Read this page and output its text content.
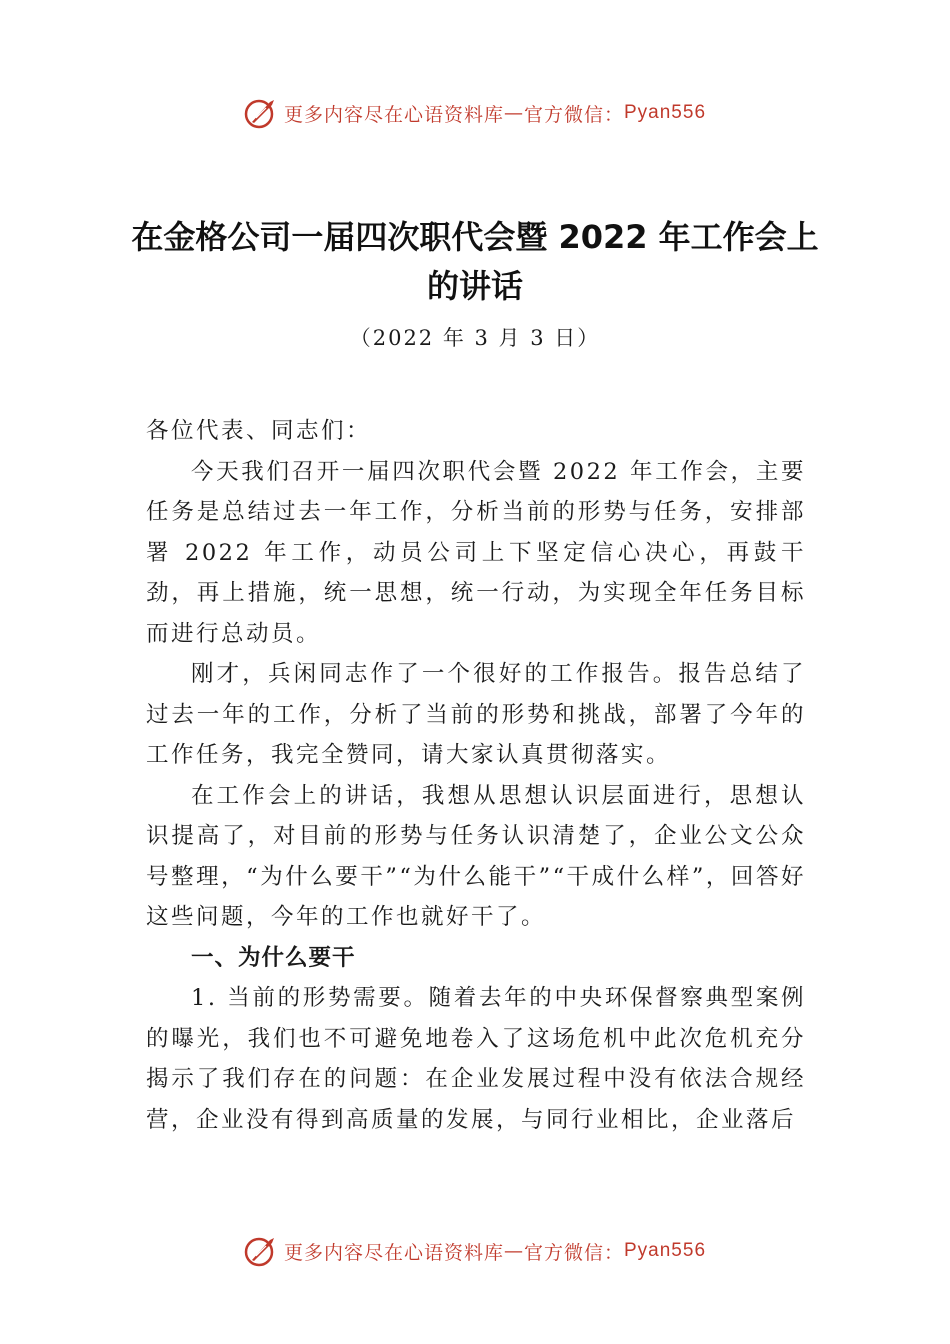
更多内容尽在心语资料库 — 官方微信： Pyan556
在金格公司一届四次职代会暨 2022 年工作会上的讲话
（2022 年 3 月 3 日）

各位代表、同志们：

今天我们召开一届四次职代会暨 2022 年工作会，主要任务是总结过去一年工作，分析当前的形势与任务，安排部署 2022 年工作，动员公司上下坚定信心决心，再鼓干劲，再上措施，统一思想，统一行动，为实现全年任务目标而进行总动员。

刚才，兵闲同志作了一个很好的工作报告。报告总结了过去一年的工作，分析了当前的形势和挑战，部署了今年的工作任务，我完全赞同，请大家认真贯彻落实。

在工作会上的讲话，我想从思想认识层面进行，思想认识提高了，对目前的形势与任务认识清楚了，企业公文公众号整理，“为什么要干”“为什么能干”“干成什么样”，回答好这些问题，今年的工作也就好干了。

一、为什么要干

1. 当前的形势需要。随着去年的中央环保督察典型案例的曝光，我们也不可避免地卷入了这场危机中此次危机充分揭示了我们存在的问题：在企业发展过程中没有依法合规经营，企业没有得到高质量的发展，与同行业相比，企业落后

更多内容尽在心语资料库 — 官方微信： Pyan556
